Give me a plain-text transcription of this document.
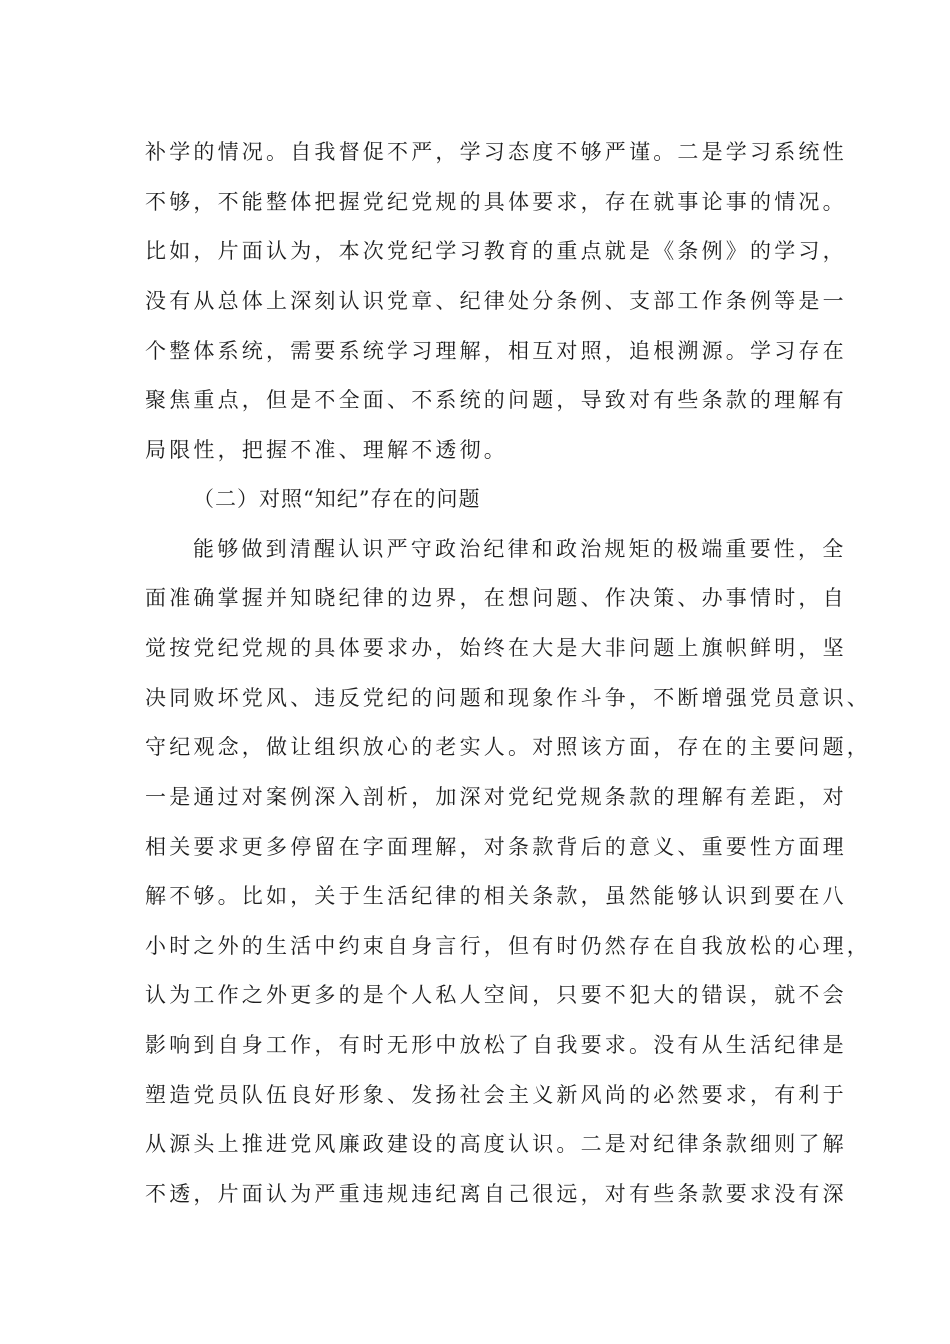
补学的情况。自我督促不严，学习态度不够严谨。二是学习系统性
不够，不能整体把握党纪党规的具体要求，存在就事论事的情况。
比如，片面认为，本次党纪学习教育的重点就是《条例》的学习，
没有从总体上深刻认识党章、纪律处分条例、支部工作条例等是一
个整体系统，需要系统学习理解，相互对照，追根溯源。学习存在
聚焦重点，但是不全面、不系统的问题，导致对有些条款的理解有
局限性，把握不准、理解不透彻。
（二）对照“知纪”存在的问题
能够做到清醒认识严守政治纪律和政治规矩的极端重要性，全
面准确掌握并知晓纪律的边界，在想问题、作决策、办事情时，自
觉按党纪党规的具体要求办，始终在大是大非问题上旗帜鲜明，坚
决同败坏党风、违反党纪的问题和现象作斗争，不断增强党员意识、
守纪观念，做让组织放心的老实人。对照该方面，存在的主要问题，
一是通过对案例深入剖析，加深对党纪党规条款的理解有差距，对
相关要求更多停留在字面理解，对条款背后的意义、重要性方面理
解不够。比如，关于生活纪律的相关条款，虽然能够认识到要在八
小时之外的生活中约束自身言行，但有时仍然存在自我放松的心理，
认为工作之外更多的是个人私人空间，只要不犯大的错误，就不会
影响到自身工作，有时无形中放松了自我要求。没有从生活纪律是
塑造党员队伍良好形象、发扬社会主义新风尚的必然要求，有利于
从源头上推进党风廉政建设的高度认识。二是对纪律条款细则了解
不透，片面认为严重违规违纪离自己很远，对有些条款要求没有深
